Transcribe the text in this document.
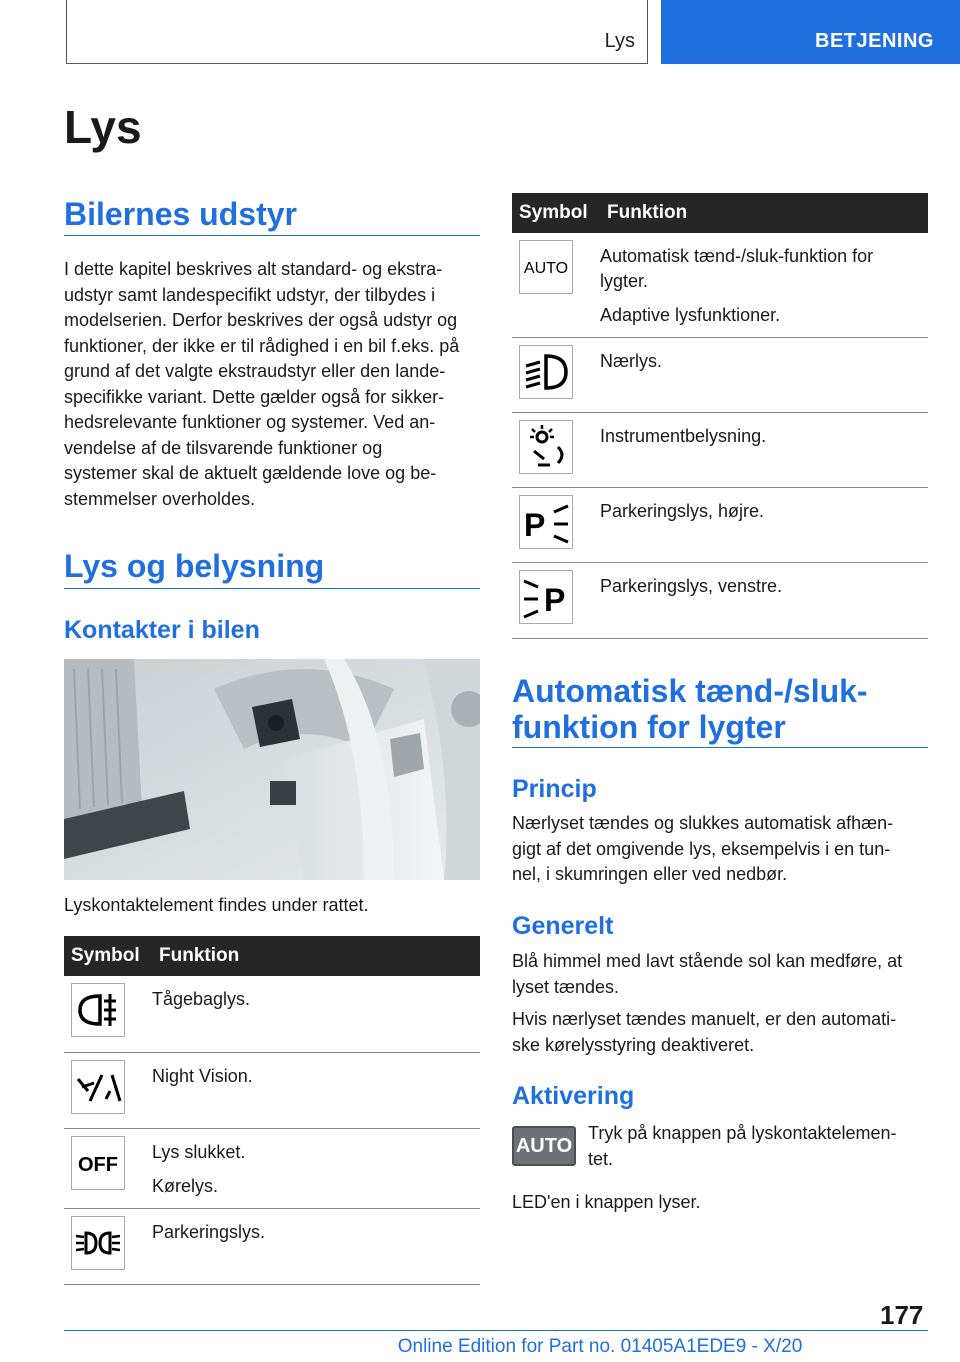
Lys	BETJENING
Lys
Bilernes udstyr
I dette kapitel beskrives alt standard- og ekstra-
udstyr samt landespecifikt udstyr, der tilbydes i
modelserien. Derfor beskrives der også udstyr og
funktioner, der ikke er til rådighed i en bil f.eks. på
grund af det valgte ekstraudstyr eller den lande-
specifikke variant. Dette gælder også for sikker-
hedsrelevante funktioner og systemer. Ved an-
vendelse af de tilsvarende funktioner og
systemer skal de aktuelt gældende love og be-
stemmelser overholdes.
Lys og belysning
Kontakter i bilen
Lyskontaktelement findes under rattet.
Symbol	Funktion

Tågebaglys.

Night Vision.

OFF	Lys slukket.
Kørelys.

Parkeringslys.
Symbol	Funktion

AUTO	Automatisk tænd-/sluk-funktion for lygter.
Adaptive lysfunktioner.

Nærlys.

Instrumentbelysning.

P	Parkeringslys, højre.

P	Parkeringslys, venstre.
Automatisk tænd-/sluk-
funktion for lygter
Princip
Nærlyset tændes og slukkes automatisk afhæn-
gigt af det omgivende lys, eksempelvis i en tun-
nel, i skumringen eller ved nedbør.
Generelt
Blå himmel med lavt stående sol kan medføre, at
lyset tændes.
Hvis nærlyset tændes manuelt, er den automati-
ske kørelysstyring deaktiveret.
Aktivering
AUTO
Tryk på knappen på lyskontaktelemen-
tet.
LED'en i knappen lyser.
177
Online Edition for Part no. 01405A1EDE9 - X/20
